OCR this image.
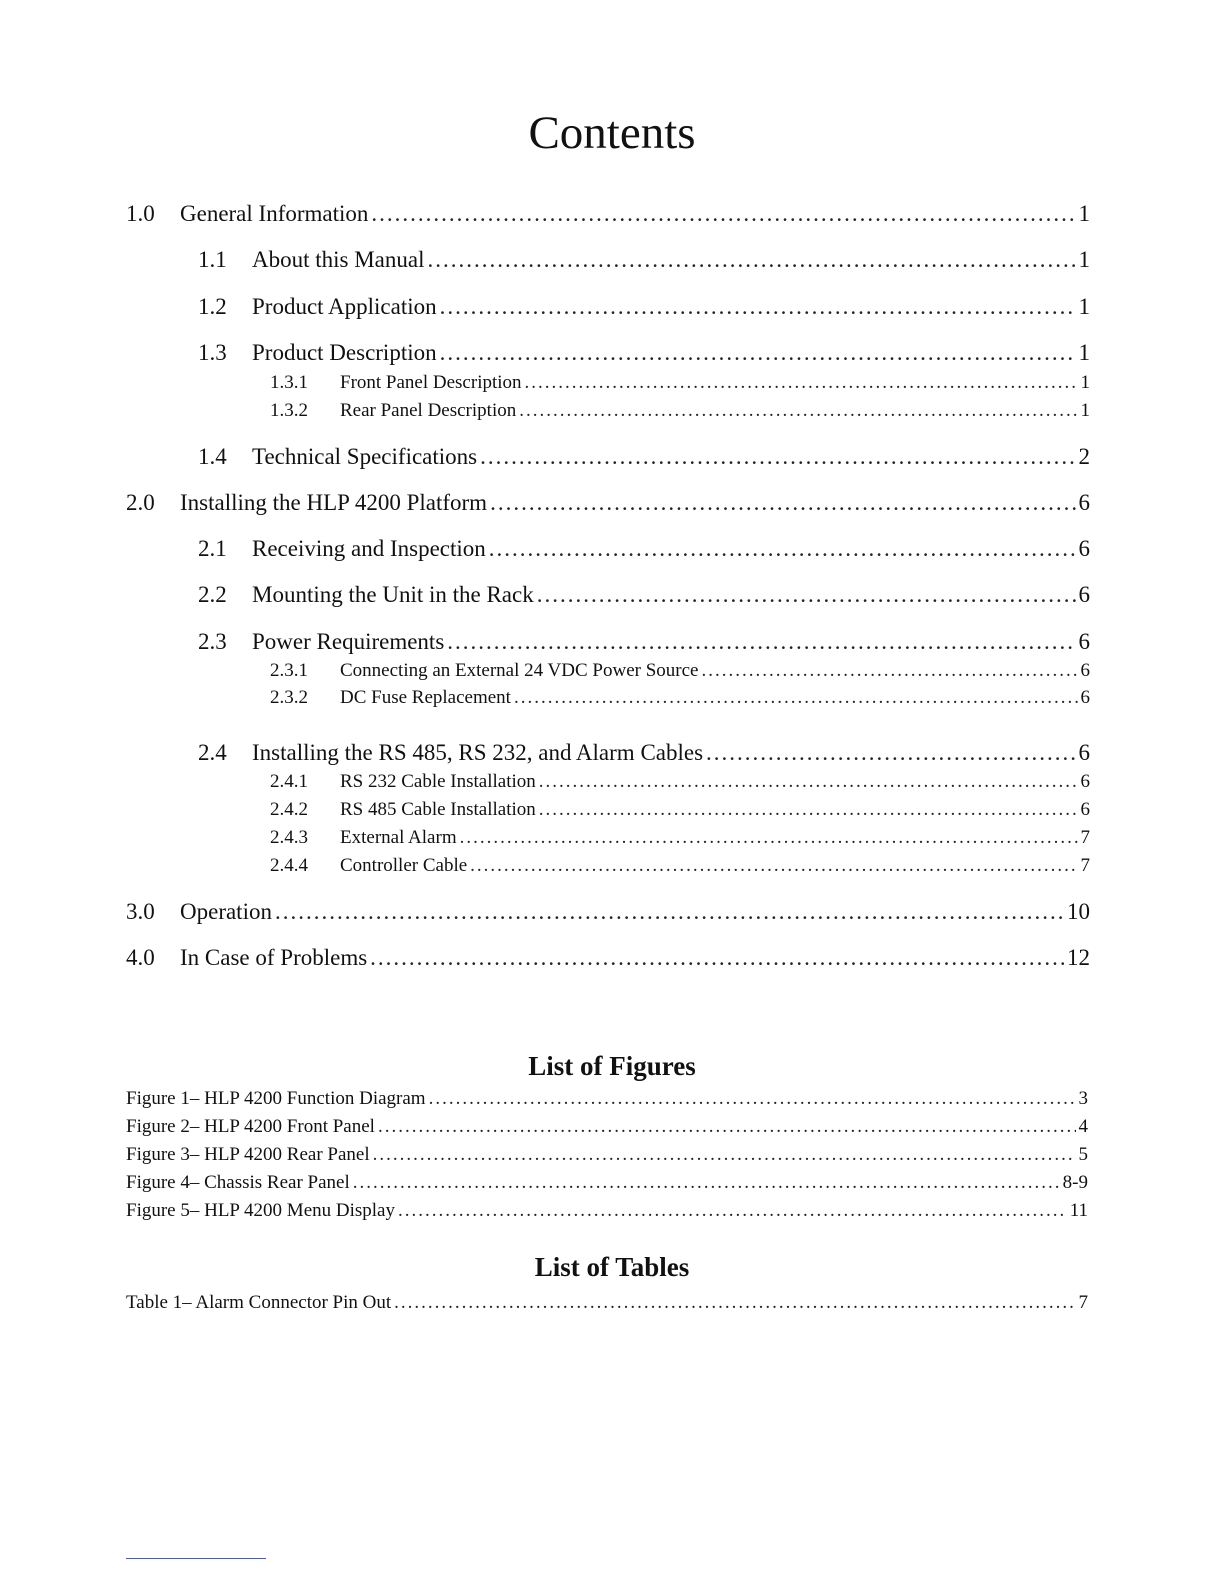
Contents
1.0	General Information .....	1
1.1	About this Manual .....	1
1.2	Product Application .....	1
1.3	Product Description .....	1
1.3.1	Front Panel Description .....	1
1.3.2	Rear Panel Description .....	1
1.4	Technical Specifications .....	2
2.0	Installing the HLP 4200 Platform .....	6
2.1	Receiving and Inspection .....	6
2.2	Mounting the Unit in the Rack .....	6
2.3	Power Requirements .....	6
2.3.1	Connecting an External 24 VDC Power Source .....	6
2.3.2	DC Fuse Replacement .....	6
2.4	Installing the RS 485, RS 232, and Alarm Cables .....	6
2.4.1	RS 232 Cable Installation .....	6
2.4.2	RS 485 Cable Installation .....	6
2.4.3	External Alarm .....	7
2.4.4	Controller Cable .....	7
3.0	Operation .....	10
4.0	In Case of Problems .....	12
List of Figures
Figure 1– HLP 4200 Function Diagram .....	3
Figure 2– HLP 4200 Front Panel .....	4
Figure 3– HLP 4200 Rear Panel .....	5
Figure 4– Chassis Rear Panel .....	8-9
Figure 5– HLP 4200 Menu Display .....	11
List of Tables
Table 1– Alarm Connector Pin Out .....	7
